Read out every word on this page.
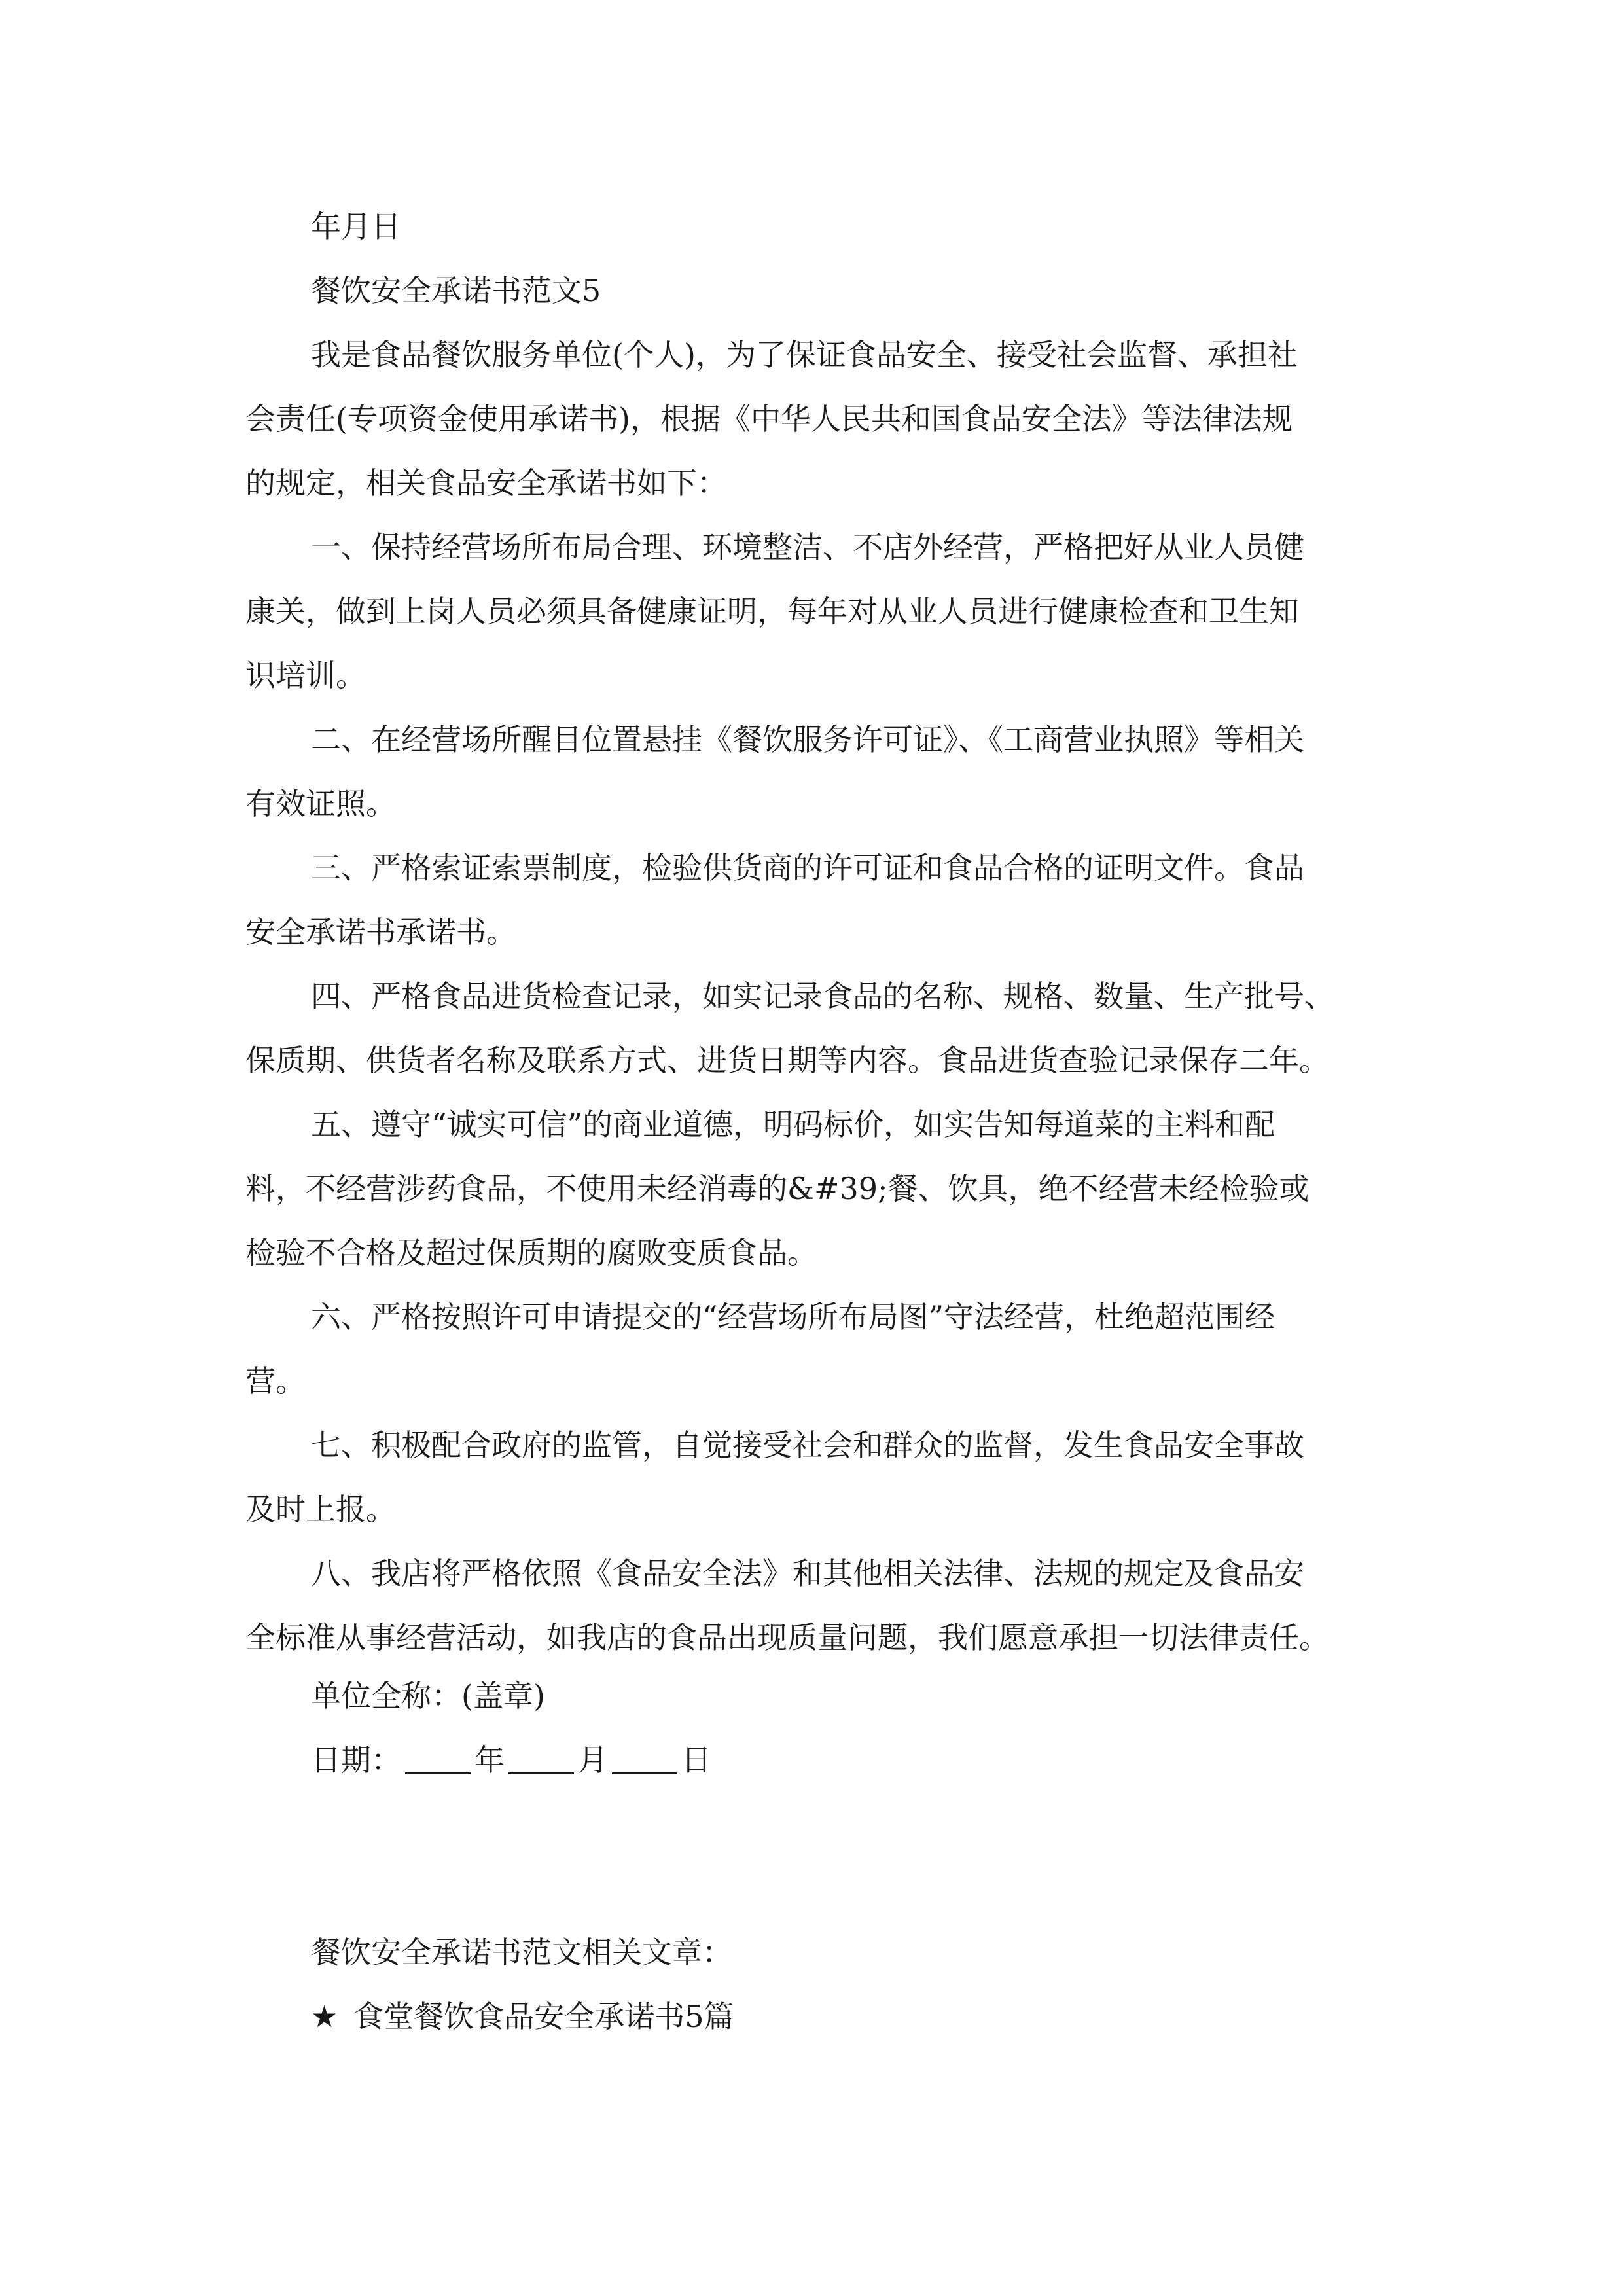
年月日
餐饮安全承诺书范文5
我是食品餐饮服务单位(个人)，为了保证食品安全、接受社会监督、承担社
会责任(专项资金使用承诺书)，根据《中华人民共和国食品安全法》等法律法规
的规定，相关食品安全承诺书如下：
一、保持经营场所布局合理、环境整洁、不店外经营，严格把好从业人员健
康关，做到上岗人员必须具备健康证明，每年对从业人员进行健康检查和卫生知
识培训。
二、在经营场所醒目位置悬挂《餐饮服务许可证》、《工商营业执照》等相关
有效证照。
三、严格索证索票制度，检验供货商的许可证和食品合格的证明文件。食品
安全承诺书承诺书。
四、严格食品进货检查记录，如实记录食品的名称、规格、数量、生产批号、
保质期、供货者名称及联系方式、进货日期等内容。食品进货查验记录保存二年。
五、遵守“诚实可信”的商业道德，明码标价，如实告知每道菜的主料和配
料，不经营涉药食品，不使用未经消毒的&#39;餐、饮具，绝不经营未经检验或
检验不合格及超过保质期的腐败变质食品。
六、严格按照许可申请提交的“经营场所布局图”守法经营，杜绝超范围经
营。
七、积极配合政府的监管，自觉接受社会和群众的监督，发生食品安全事故
及时上报。
八、我店将严格依照《食品安全法》和其他相关法律、法规的规定及食品安
全标准从事经营活动，如我店的食品出现质量问题，我们愿意承担一切法律责任。
单位全称：(盖章)
日期： 年 月 日
餐饮安全承诺书范文相关文章：
★ 食堂餐饮食品安全承诺书5篇
